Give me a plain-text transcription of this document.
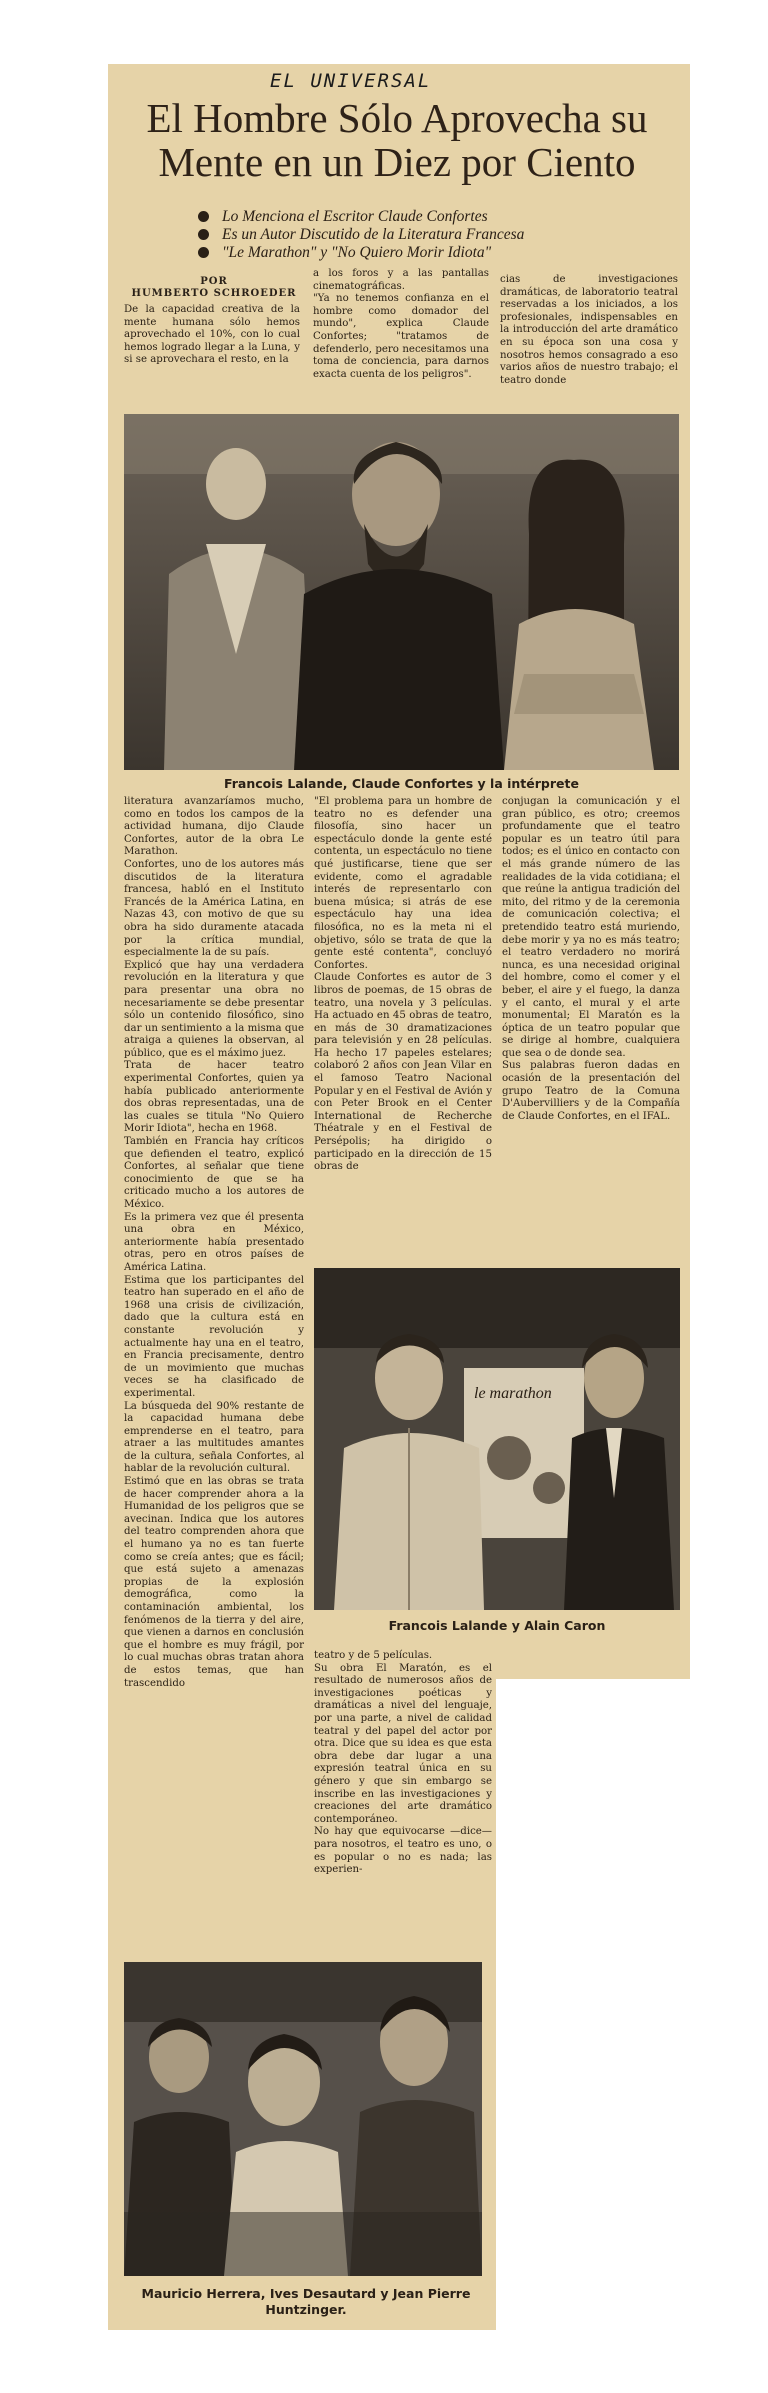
EL UNIVERSAL
El Hombre Sólo Aprovecha su Mente en un Diez por Ciento
Lo Menciona el Escritor Claude Confortes
Es un Autor Discutido de la Literatura Francesa
"Le Marathon" y "No Quiero Morir Idiota"
POR
HUMBERTO SCHROEDER
De la capacidad creativa de la mente humana sólo hemos aprovechado el 10%, con lo cual hemos logrado llegar a la Luna, y si se aprovechara el resto, en la
a los foros y a las pantallas cinematográficas.
"Ya no tenemos confianza en el hombre como domador del mundo", explica Claude Confortes; "tratamos de defenderlo, pero necesitamos una toma de conciencia, para darnos exacta cuenta de los peligros".
cias de investigaciones dramáticas, de laboratorio teatral reservadas a los iniciados, a los profesionales, indispensables en la introducción del arte dramático en su época son una cosa y nosotros hemos consagrado a eso varios años de nuestro trabajo; el teatro donde
Francois Lalande, Claude Confortes y la intérprete
literatura avanzaríamos mucho, como en todos los campos de la actividad humana, dijo Claude Confortes, autor de la obra Le Marathon.
Confortes, uno de los autores más discutidos de la literatura francesa, habló en el Instituto Francés de la América Latina, en Nazas 43, con motivo de que su obra ha sido duramente atacada por la crítica mundial, especialmente la de su país.
Explicó que hay una verdadera revolución en la literatura y que para presentar una obra no necesariamente se debe presentar sólo un contenido filosófico, sino dar un sentimiento a la misma que atraiga a quienes la observan, al público, que es el máximo juez.
Trata de hacer teatro experimental Confortes, quien ya había publicado anteriormente dos obras representadas, una de las cuales se titula "No Quiero Morir Idiota", hecha en 1968.
También en Francia hay críticos que defienden el teatro, explicó Confortes, al señalar que tiene conocimiento de que se ha criticado mucho a los autores de México.
Es la primera vez que él presenta una obra en México, anteriormente había presentado otras, pero en otros países de América Latina.
Estima que los participantes del teatro han superado en el año de 1968 una crisis de civilización, dado que la cultura está en constante revolución y actualmente hay una en el teatro, en Francia precisamente, dentro de un movimiento que muchas veces se ha clasificado de experimental.
La búsqueda del 90% restante de la capacidad humana debe emprenderse en el teatro, para atraer a las multitudes amantes de la cultura, señala Confortes, al hablar de la revolución cultural.
Estimó que en las obras se trata de hacer comprender ahora a la Humanidad de los peligros que se avecinan. Indica que los autores del teatro comprenden ahora que el humano ya no es tan fuerte como se creía antes; que es fácil; que está sujeto a amenazas propias de la explosión demográfica, como la contaminación ambiental, los fenómenos de la tierra y del aire, que vienen a darnos en conclusión que el hombre es muy frágil, por lo cual muchas obras tratan ahora de estos temas, que han trascendido
"El problema para un hombre de teatro no es defender una filosofía, sino hacer un espectáculo donde la gente esté contenta, un espectáculo no tiene qué justificarse, tiene que ser evidente, como el agradable interés de representarlo con buena música; si atrás de ese espectáculo hay una idea filosófica, no es la meta ni el objetivo, sólo se trata de que la gente esté contenta", concluyó Confortes.
Claude Confortes es autor de 3 libros de poemas, de 15 obras de teatro, una novela y 3 películas. Ha actuado en 45 obras de teatro, en más de 30 dramatizaciones para televisión y en 28 películas. Ha hecho 17 papeles estelares; colaboró 2 años con Jean Vilar en el famoso Teatro Nacional Popular y en el Festival de Avión y con Peter Brook en el Center International de Recherche Théatrale y en el Festival de Persépolis; ha dirigido o participado en la dirección de 15 obras de
conjugan la comunicación y el gran público, es otro; creemos profundamente que el teatro popular es un teatro útil para todos; es el único en contacto con el más grande número de las realidades de la vida cotidiana; el que reúne la antigua tradición del mito, del ritmo y de la ceremonia de comunicación colectiva; el pretendido teatro está muriendo, debe morir y ya no es más teatro; el teatro verdadero no morirá nunca, es una necesidad original del hombre, como el comer y el beber, el aire y el fuego, la danza y el canto, el mural y el arte monumental; El Maratón es la óptica de un teatro popular que se dirige al hombre, cualquiera que sea o de donde sea.
Sus palabras fueron dadas en ocasión de la presentación del grupo Teatro de la Comuna D'Aubervilliers y de la Compañía de Claude Confortes, en el IFAL.
le marathon
Francois Lalande y Alain Caron
teatro y de 5 películas.
Su obra El Maratón, es el resultado de numerosos años de investigaciones poéticas y dramáticas a nivel del lenguaje, por una parte, a nivel de calidad teatral y del papel del actor por otra. Dice que su idea es que esta obra debe dar lugar a una expresión teatral única en su género y que sin embargo se inscribe en las investigaciones y creaciones del arte dramático contemporáneo.
No hay que equivocarse —dice— para nosotros, el teatro es uno, o es popular o no es nada; las experien-
Mauricio Herrera, Ives Desautard y Jean Pierre Huntzinger.
